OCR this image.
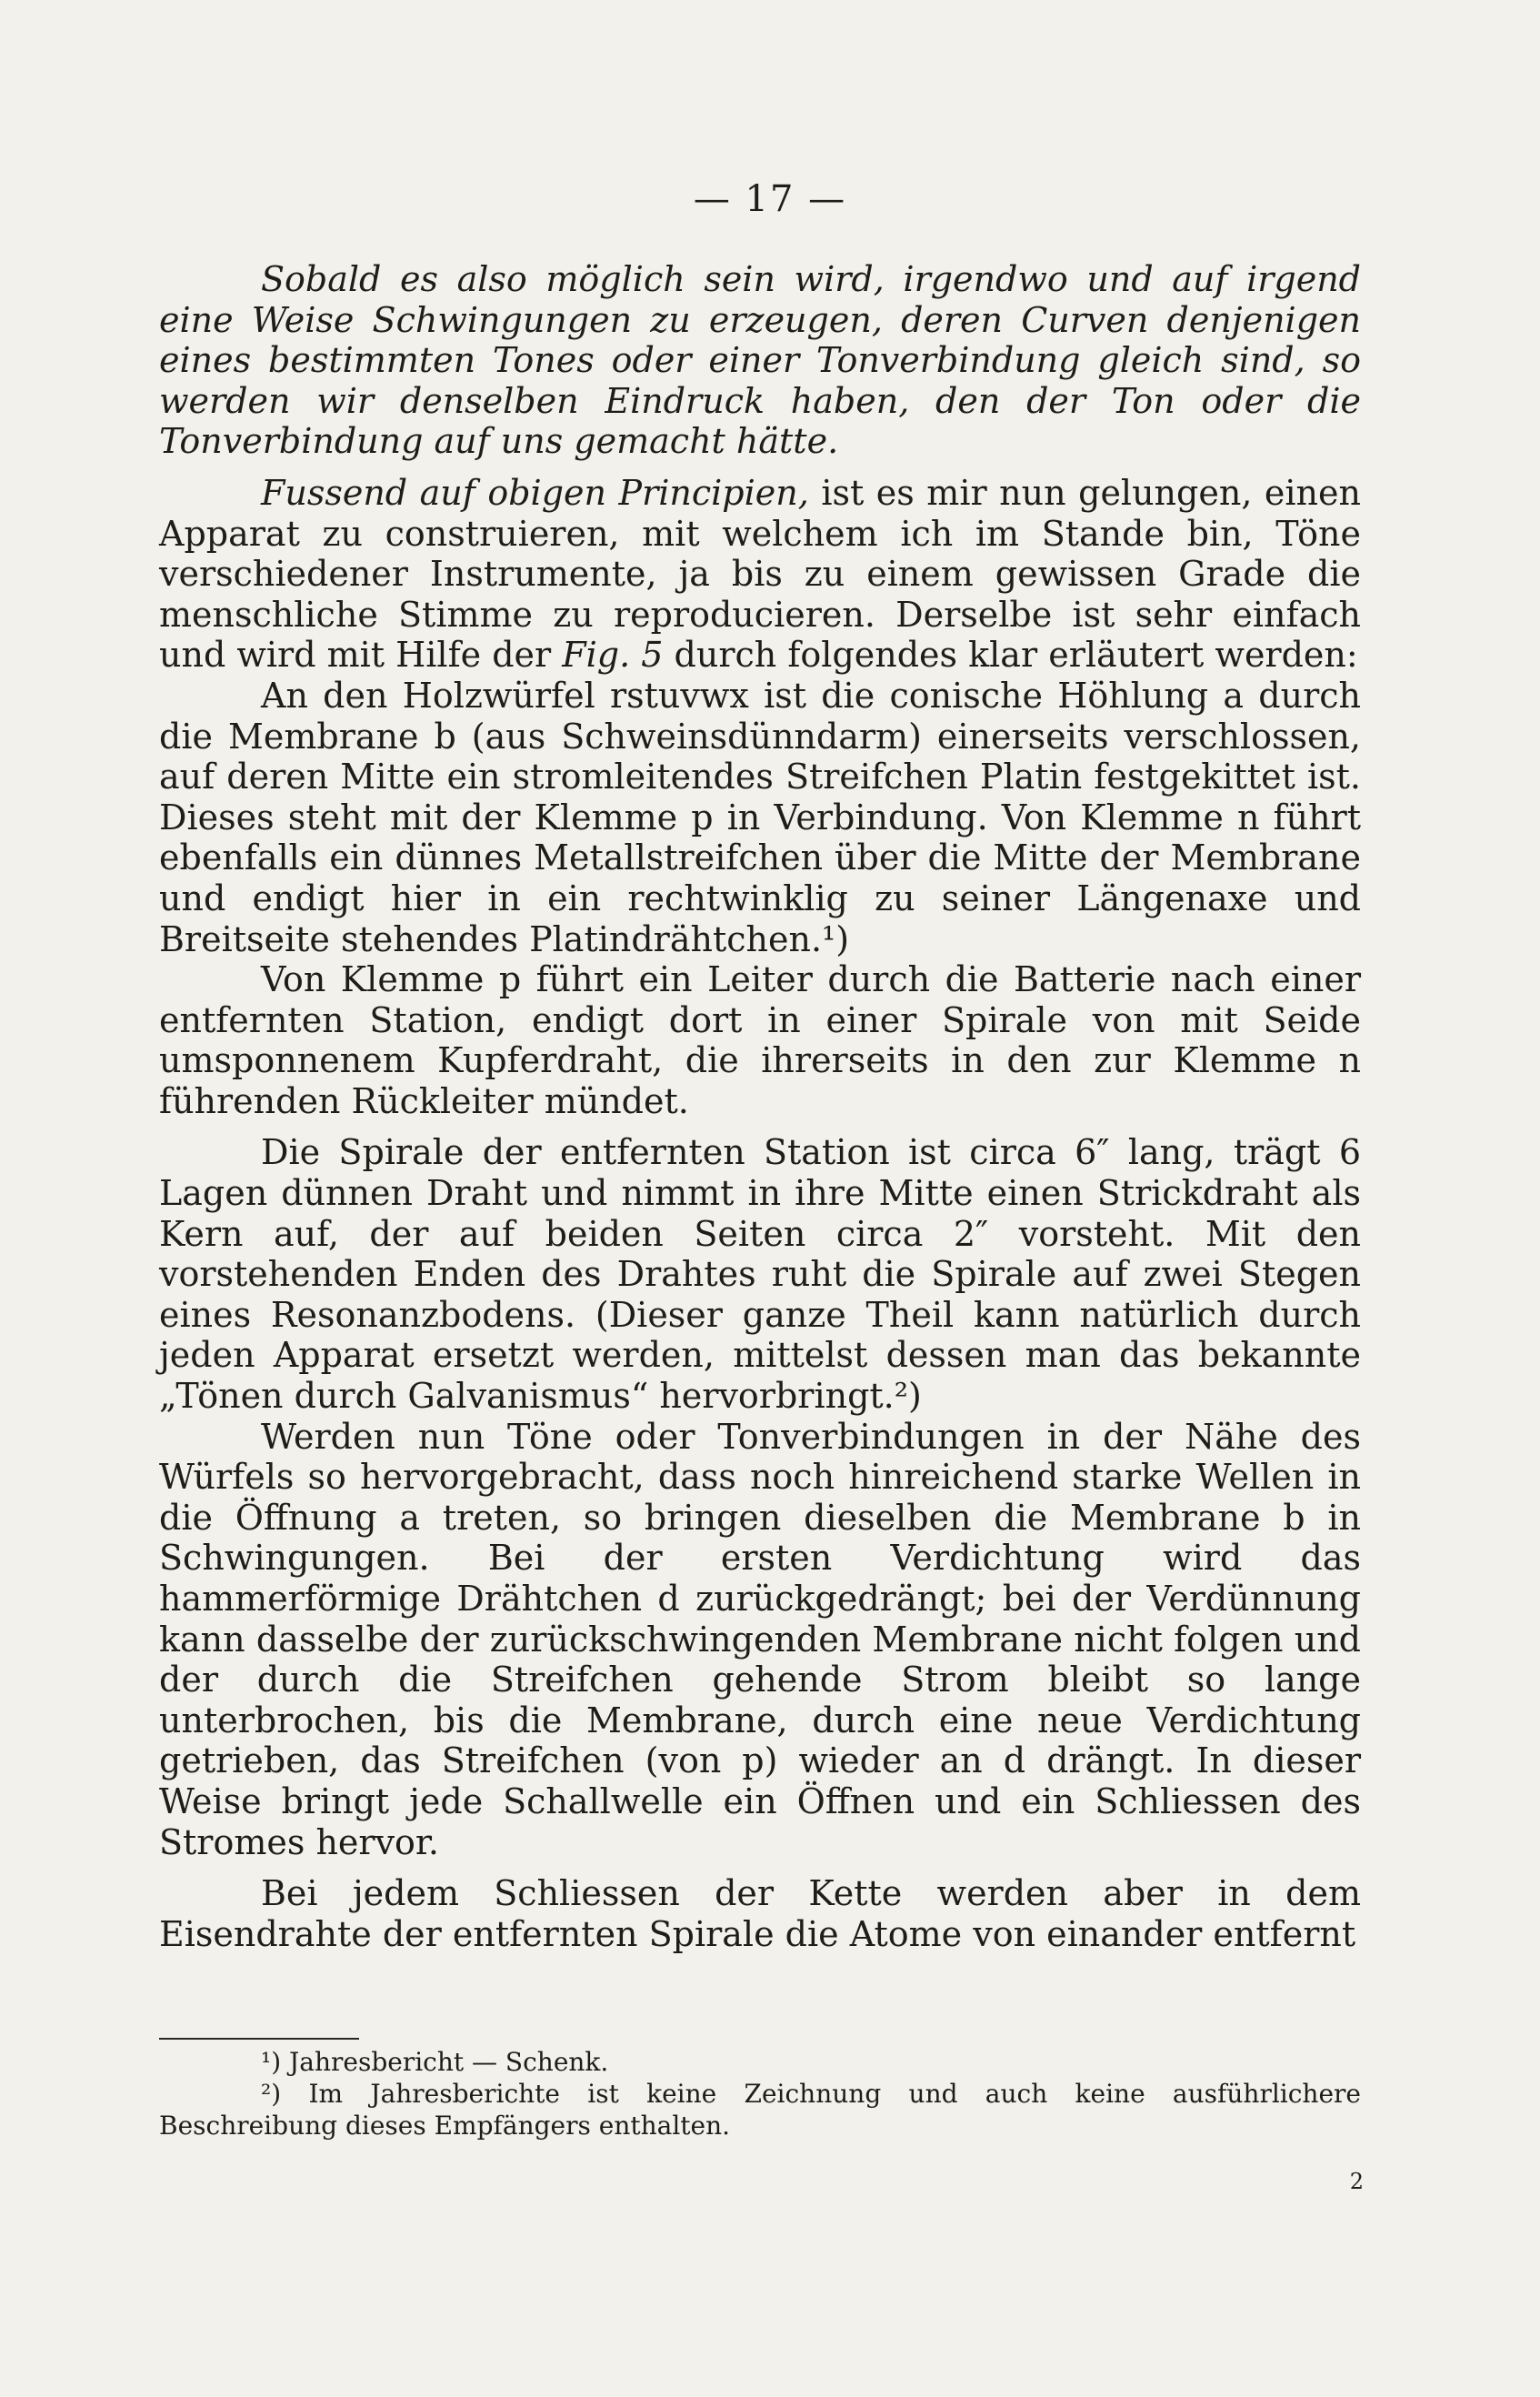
— 17 —

Sobald es also möglich sein wird, irgendwo und auf irgend eine Weise Schwingungen zu erzeugen, deren Curven denjenigen eines bestimmten Tones oder einer Tonverbindung gleich sind, so werden wir denselben Eindruck haben, den der Ton oder die Tonverbindung auf uns gemacht hätte.

Fussend auf obigen Principien, ist es mir nun gelungen, einen Apparat zu construieren, mit welchem ich im Stande bin, Töne verschiedener Instrumente, ja bis zu einem gewissen Grade die menschliche Stimme zu reproducieren. Derselbe ist sehr einfach und wird mit Hilfe der Fig. 5 durch folgendes klar erläutert werden:

An den Holzwürfel rstuvwx ist die conische Höhlung a durch die Membrane b (aus Schweinsdünndarm) einerseits verschlossen, auf deren Mitte ein stromleitendes Streifchen Platin festgekittet ist. Dieses steht mit der Klemme p in Verbindung. Von Klemme n führt ebenfalls ein dünnes Metallstreifchen über die Mitte der Membrane und endigt hier in ein rechtwinklig zu seiner Längenaxe und Breitseite stehendes Platindrähtchen.¹)

Von Klemme p führt ein Leiter durch die Batterie nach einer entfernten Station, endigt dort in einer Spirale von mit Seide umsponnenem Kupferdraht, die ihrerseits in den zur Klemme n führenden Rückleiter mündet.

Die Spirale der entfernten Station ist circa 6″ lang, trägt 6 Lagen dünnen Draht und nimmt in ihre Mitte einen Strickdraht als Kern auf, der auf beiden Seiten circa 2″ vorsteht. Mit den vorstehenden Enden des Drahtes ruht die Spirale auf zwei Stegen eines Resonanzbodens. (Dieser ganze Theil kann natürlich durch jeden Apparat ersetzt werden, mittelst dessen man das bekannte „Tönen durch Galvanismus“ hervorbringt.²)

Werden nun Töne oder Tonverbindungen in der Nähe des Würfels so hervorgebracht, dass noch hinreichend starke Wellen in die Öffnung a treten, so bringen dieselben die Membrane b in Schwingungen. Bei der ersten Verdichtung wird das hammerförmige Drähtchen d zurückgedrängt; bei der Verdünnung kann dasselbe der zurückschwingenden Membrane nicht folgen und der durch die Streifchen gehende Strom bleibt so lange unterbrochen, bis die Membrane, durch eine neue Verdichtung getrieben, das Streifchen (von p) wieder an d drängt. In dieser Weise bringt jede Schallwelle ein Öffnen und ein Schliessen des Stromes hervor.

Bei jedem Schliessen der Kette werden aber in dem Eisendrahte der entfernten Spirale die Atome von einander entfernt

¹) Jahresbericht — Schenk.

²) Im Jahresberichte ist keine Zeichnung und auch keine ausführlichere Beschreibung dieses Empfängers enthalten.

2
